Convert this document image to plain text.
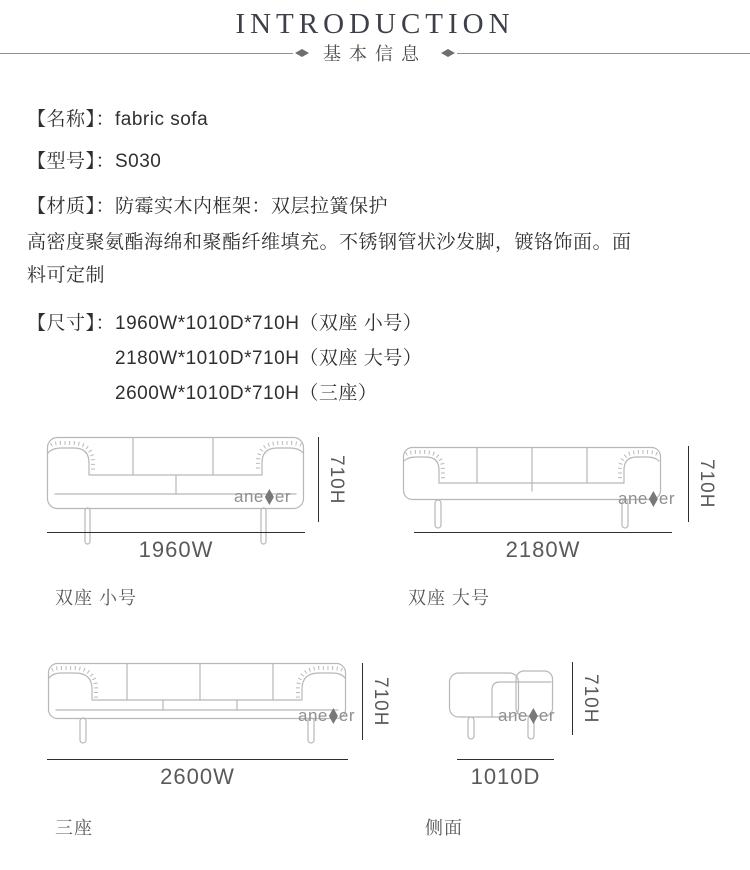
INTRODUCTION
基本信息
【名称】：fabric sofa
【型号】：S030
【材质】：防霉实木内框架：双层拉簧保护
高密度聚氨酯海绵和聚酯纤维填充。不锈钢管状沙发脚，镀铬饰面。面料可定制
【尺寸】： 1960W*1010D*710H（双座 小号）
2180W*1010D*710H（双座 大号）
2600W*1010D*710H（三座）
ane er 710H
1960W
双座 小号
ane er 710H
2180W
双座 大号
ane er 710H
2600W
三座
ane er 710H
1010D
侧面
